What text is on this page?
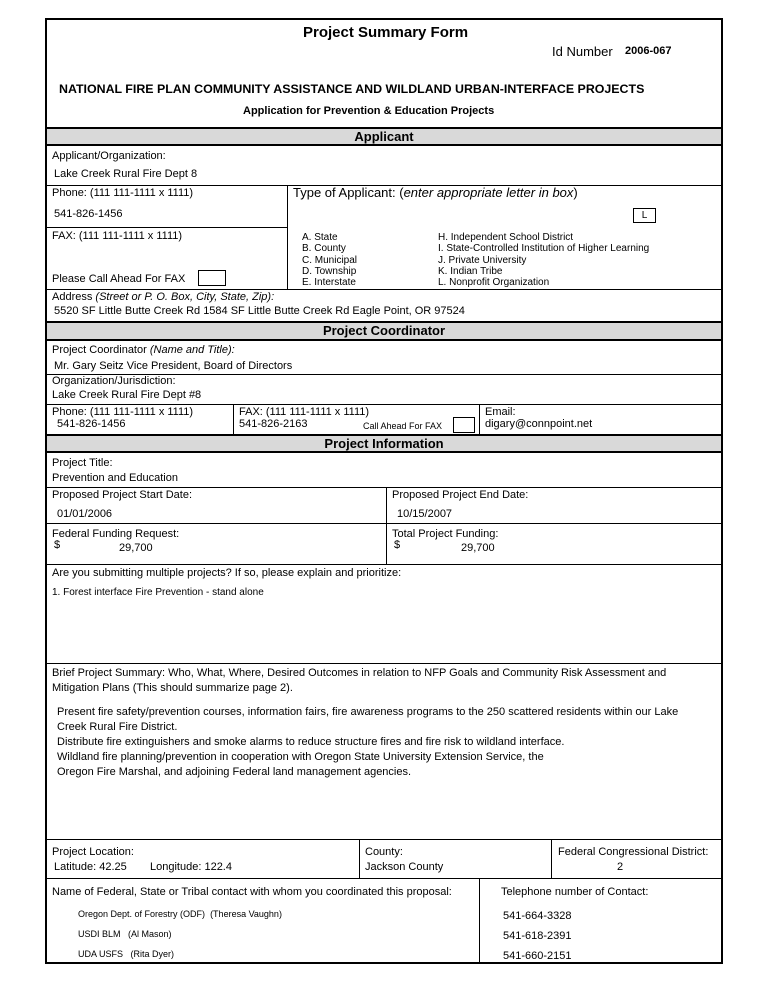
Project Summary Form
Id Number 2006-067
NATIONAL FIRE PLAN COMMUNITY ASSISTANCE AND WILDLAND URBAN-INTERFACE PROJECTS
Application for Prevention & Education Projects
Applicant
Applicant/Organization:
Lake Creek Rural Fire Dept 8
Phone: (111 111-1111 x 1111)
541-826-1456
Type of Applicant: (enter appropriate letter in box)
L
FAX: (111 111-1111 x 1111)
Please Call Ahead For FAX
A. State
B. County
C. Municipal
D. Township
E. Interstate
H. Independent School District
I. State-Controlled Institution of Higher Learning
J. Private University
K. Indian Tribe
L. Nonprofit Organization
Address (Street or P. O. Box, City, State, Zip):
5520 SF Little Butte Creek Rd 1584 SF Little Butte Creek Rd Eagle Point, OR 97524
Project Coordinator
Project Coordinator (Name and Title):
Mr. Gary Seitz Vice President, Board of Directors
Organization/Jurisdiction:
Lake Creek Rural Fire Dept #8
Phone: (111 111-1111 x 1111)
541-826-1456
FAX: (111 111-1111 x 1111)
541-826-2163	Call Ahead For FAX
Email:
digary@connpoint.net
Project Information
Project Title:
Prevention and Education
Proposed Project Start Date:
01/01/2006
Proposed Project End Date:
10/15/2007
Federal Funding Request:
$	29,700
Total Project Funding:
$	29,700
Are you submitting multiple projects? If so, please explain and prioritize:
1. Forest interface Fire Prevention - stand alone
Brief Project Summary: Who, What, Where, Desired Outcomes in relation to NFP Goals and Community Risk Assessment and
Mitigation Plans (This should summarize page 2).
Present fire safety/prevention courses, information fairs, fire awareness programs to the 250 scattered residents within our Lake
Creek Rural Fire District.
Distribute fire extinguishers and smoke alarms to reduce structure fires and fire risk to wildland interface.
Wildland fire planning/prevention in cooperation with Oregon State University Extension Service, the
Oregon Fire Marshal, and adjoining Federal land management agencies.
Project Location:
Latitude: 42.25 Longitude: 122.4
County:
Jackson County
Federal Congressional District:
2
Name of Federal, State or Tribal contact with whom you coordinated this proposal:	Telephone number of Contact:
Oregon Dept. of Forestry (ODF) (Theresa Vaughn)	541-664-3328
USDI BLM (Al Mason)	541-618-2391
UDA USFS (Rita Dyer)	541-660-2151
